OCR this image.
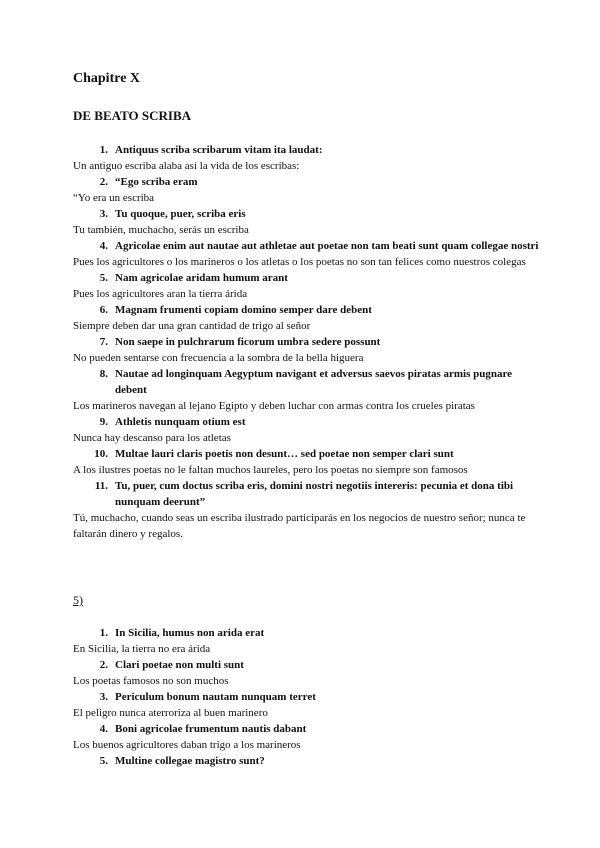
Chapitre X
DE BEATO SCRIBA
1. Antiquus scriba scribarum vitam ita laudat:
Un antiguo escriba alaba así la vida de los escribas:
2. “Ego scriba eram
“Yo era un escriba
3. Tu quoque, puer, scriba eris
Tu también, muchacho, serás un escriba
4. Agricolae enim aut nautae aut athletae aut poetae non tam beati sunt quam collegae nostri
Pues los agricultores o los marineros o los atletas o los poetas no son tan felices como nuestros colegas
5. Nam agricolae aridam humum arant
Pues los agricultores aran la tierra árida
6. Magnam frumenti copiam domino semper dare debent
Siempre deben dar una gran cantidad de trigo al señor
7. Non saepe in pulchrarum ficorum umbra sedere possunt
No pueden sentarse con frecuencia a la sombra de la bella higuera
8. Nautae ad longinquam Aegyptum navigant et adversus saevos piratas armis pugnare debent
Los marineros navegan al lejano Egipto y deben luchar con armas contra los crueles piratas
9. Athletis nunquam otium est
Nunca hay descanso para los atletas
10. Multae lauri claris poetis non desunt… sed poetae non semper clari sunt
A los ilustres poetas no le faltan muchos laureles, pero los poetas no siempre son famosos
11. Tu, puer, cum doctus scriba eris, domini nostri negotiis intereris: pecunia et dona tibi nunquam deerunt”
Tú, muchacho, cuando seas un escriba ilustrado participarás en los negocios de nuestro señor; nunca te faltarán dinero y regalos.
5)
1. In Sicilia, humus non arida erat
En Sicilia, la tierra no era árida
2. Clari poetae non multi sunt
Los poetas famosos no son muchos
3. Periculum bonum nautam nunquam terret
El peligro nunca aterroriza al buen marinero
4. Boni agricolae frumentum nautis dabant
Los buenos agricultores daban trigo a los marineros
5. Multine collegae magistro sunt?
